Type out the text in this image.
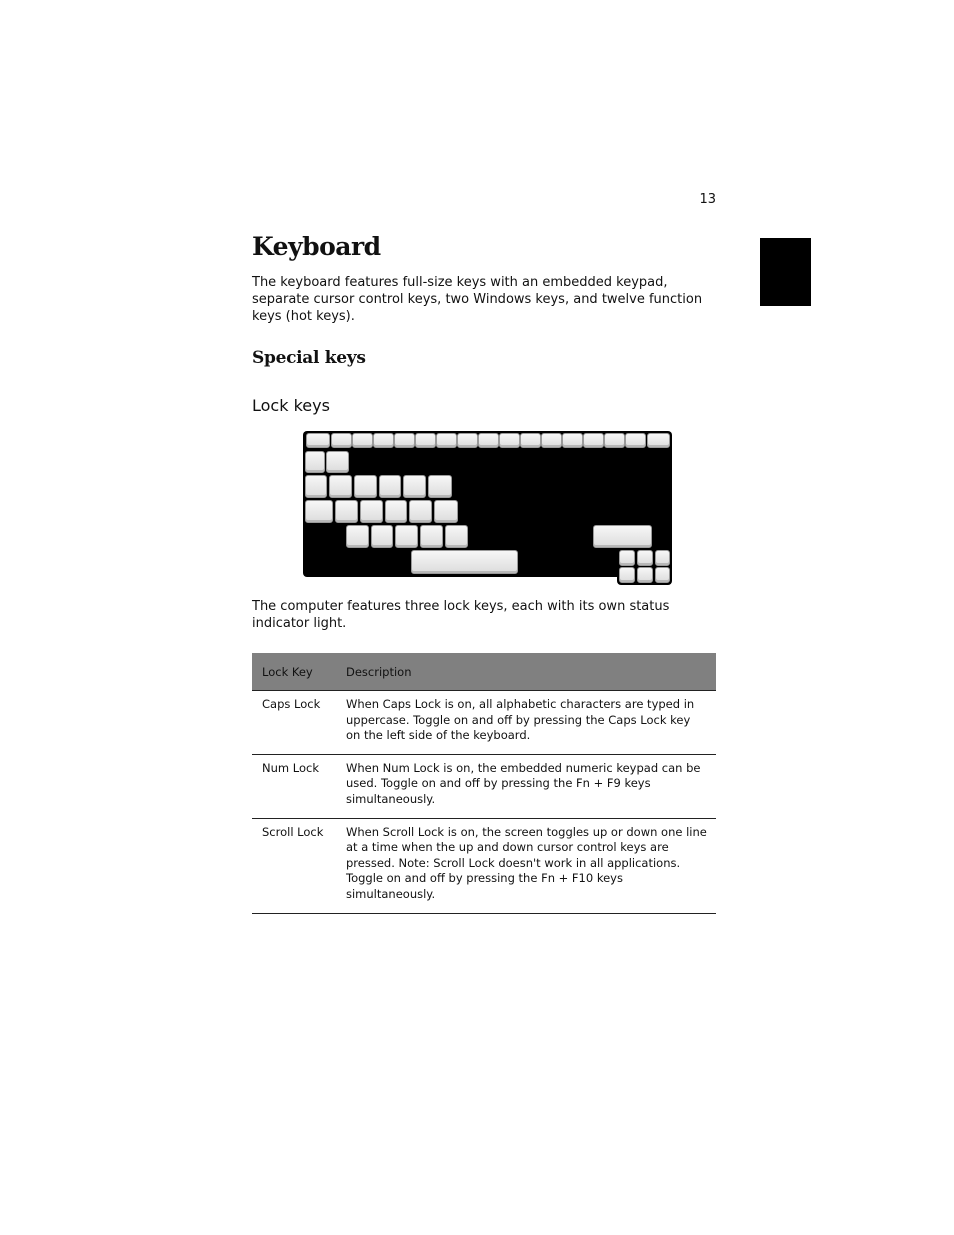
13
Keyboard

The keyboard features full-size keys with an embedded keypad, separate cursor control keys, two Windows keys, and twelve function keys (hot keys).

Special keys
Lock keys

The computer features three lock keys, each with its own status indicator light.

Lock Key	Description
Caps Lock	When Caps Lock is on, all alphabetic characters are typed in uppercase. Toggle on and off by pressing the Caps Lock key on the left side of the keyboard.
Num Lock	When Num Lock is on, the embedded numeric keypad can be used. Toggle on and off by pressing the Fn + F9 keys simultaneously.
Scroll Lock	When Scroll Lock is on, the screen toggles up or down one line at a time when the up and down cursor control keys are pressed. Note: Scroll Lock doesn't work in all applications. Toggle on and off by pressing the Fn + F10 keys simultaneously.
